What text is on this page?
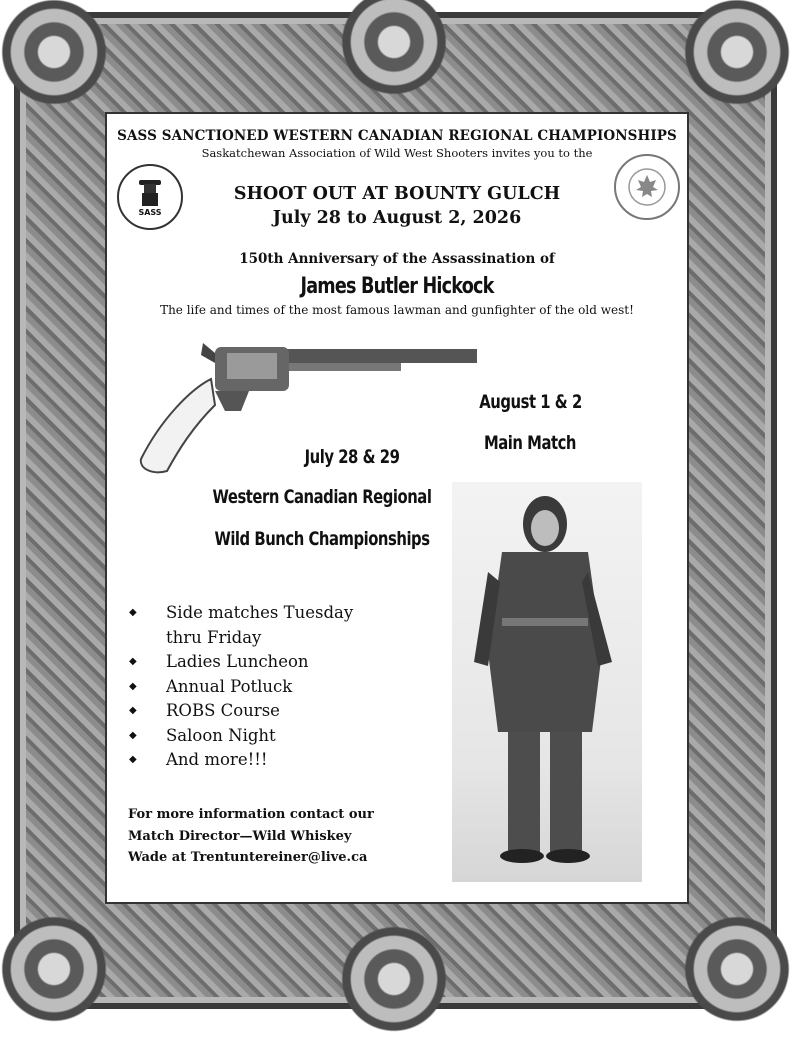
SASS SANCTIONED WESTERN CANADIAN REGIONAL CHAMPIONSHIPS
Saskatchewan Association of Wild West Shooters invites you to the
SASS
SHOOT OUT AT BOUNTY GULCH
July 28 to August 2, 2026
150th Anniversary of the Assassination of
James Butler Hickock
The life and times of the most famous lawman and gunfighter of the old west!
August 1 & 2
Main Match
July 28 & 29
Western Canadian Regional
Wild Bunch Championships
◆ Side matches Tuesday
thru Friday
◆ Ladies Luncheon
◆ Annual Potluck
◆ ROBS Course
◆ Saloon Night
◆ And more!!!
For more information contact our
Match Director—Wild Whiskey
Wade at Trentuntereiner@live.ca
